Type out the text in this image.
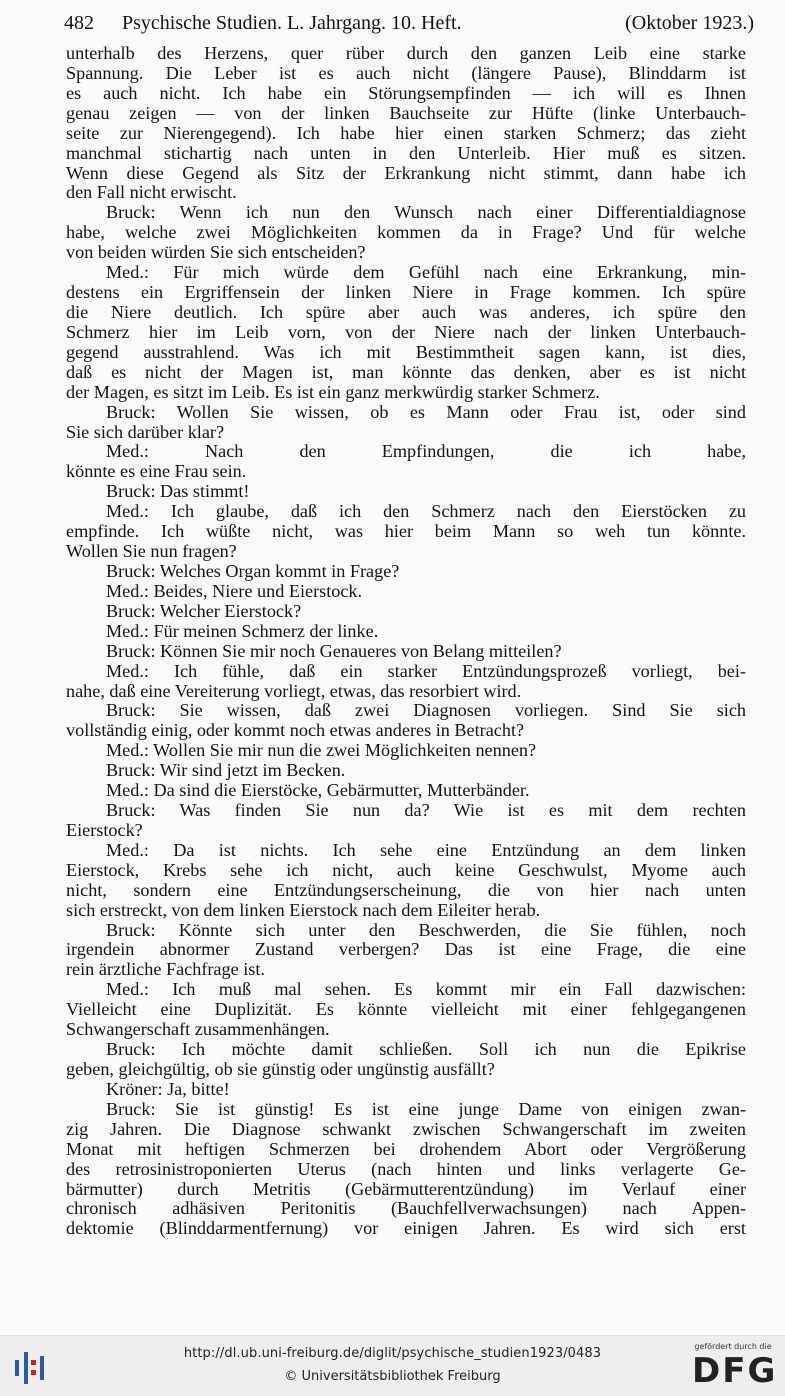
482 Psychische Studien. L. Jahrgang. 10. Heft.	(Oktober 1923.)
unterhalb des Herzens, quer rüber durch den ganzen Leib eine starke
Spannung. Die Leber ist es auch nicht (längere Pause), Blinddarm ist
es auch nicht. Ich habe ein Störungsempfinden — ich will es Ihnen
genau zeigen — von der linken Bauchseite zur Hüfte (linke Unterbauch-
seite zur Nierengegend). Ich habe hier einen starken Schmerz; das zieht
manchmal stichartig nach unten in den Unterleib. Hier muß es sitzen.
Wenn diese Gegend als Sitz der Erkrankung nicht stimmt, dann habe ich
den Fall nicht erwischt.
Bruck: Wenn ich nun den Wunsch nach einer Differentialdiagnose
habe, welche zwei Möglichkeiten kommen da in Frage? Und für welche
von beiden würden Sie sich entscheiden?
Med.: Für mich würde dem Gefühl nach eine Erkrankung, min-
destens ein Ergriffensein der linken Niere in Frage kommen. Ich spüre
die Niere deutlich. Ich spüre aber auch was anderes, ich spüre den
Schmerz hier im Leib vorn, von der Niere nach der linken Unterbauch-
gegend ausstrahlend. Was ich mit Bestimmtheit sagen kann, ist dies,
daß es nicht der Magen ist, man könnte das denken, aber es ist nicht
der Magen, es sitzt im Leib. Es ist ein ganz merkwürdig starker Schmerz.
Bruck: Wollen Sie wissen, ob es Mann oder Frau ist, oder sind
Sie sich darüber klar?
Med.: Nach den Empfindungen, die ich habe,
könnte es eine Frau sein.
Bruck: Das stimmt!
Med.: Ich glaube, daß ich den Schmerz nach den Eierstöcken zu
empfinde. Ich wüßte nicht, was hier beim Mann so weh tun könnte.
Wollen Sie nun fragen?
Bruck: Welches Organ kommt in Frage?
Med.: Beides, Niere und Eierstock.
Bruck: Welcher Eierstock?
Med.: Für meinen Schmerz der linke.
Bruck: Können Sie mir noch Genaueres von Belang mitteilen?
Med.: Ich fühle, daß ein starker Entzündungsprozeß vorliegt, bei-
nahe, daß eine Vereiterung vorliegt, etwas, das resorbiert wird.
Bruck: Sie wissen, daß zwei Diagnosen vorliegen. Sind Sie sich
vollständig einig, oder kommt noch etwas anderes in Betracht?
Med.: Wollen Sie mir nun die zwei Möglichkeiten nennen?
Bruck: Wir sind jetzt im Becken.
Med.: Da sind die Eierstöcke, Gebärmutter, Mutterbänder.
Bruck: Was finden Sie nun da? Wie ist es mit dem rechten
Eierstock?
Med.: Da ist nichts. Ich sehe eine Entzündung an dem linken
Eierstock, Krebs sehe ich nicht, auch keine Geschwulst, Myome auch
nicht, sondern eine Entzündungserscheinung, die von hier nach unten
sich erstreckt, von dem linken Eierstock nach dem Eileiter herab.
Bruck: Könnte sich unter den Beschwerden, die Sie fühlen, noch
irgendein abnormer Zustand verbergen? Das ist eine Frage, die eine
rein ärztliche Fachfrage ist.
Med.: Ich muß mal sehen. Es kommt mir ein Fall dazwischen:
Vielleicht eine Duplizität. Es könnte vielleicht mit einer fehlgegangenen
Schwangerschaft zusammenhängen.
Bruck: Ich möchte damit schließen. Soll ich nun die Epikrise
geben, gleichgültig, ob sie günstig oder ungünstig ausfällt?
Kröner: Ja, bitte!
Bruck: Sie ist günstig! Es ist eine junge Dame von einigen zwan-
zig Jahren. Die Diagnose schwankt zwischen Schwangerschaft im zweiten
Monat mit heftigen Schmerzen bei drohendem Abort oder Vergrößerung
des retrosinistroponierten Uterus (nach hinten und links verlagerte Ge-
bärmutter) durch Metritis (Gebärmutterentzündung) im Verlauf einer
chronisch adhäsiven Peritonitis (Bauchfellverwachsungen) nach Appen-
dektomie (Blinddarmentfernung) vor einigen Jahren. Es wird sich erst
http://dl.ub.uni-freiburg.de/diglit/psychische_studien1923/0483
© Universitätsbibliothek Freiburg
gefördert durch die
DFG
